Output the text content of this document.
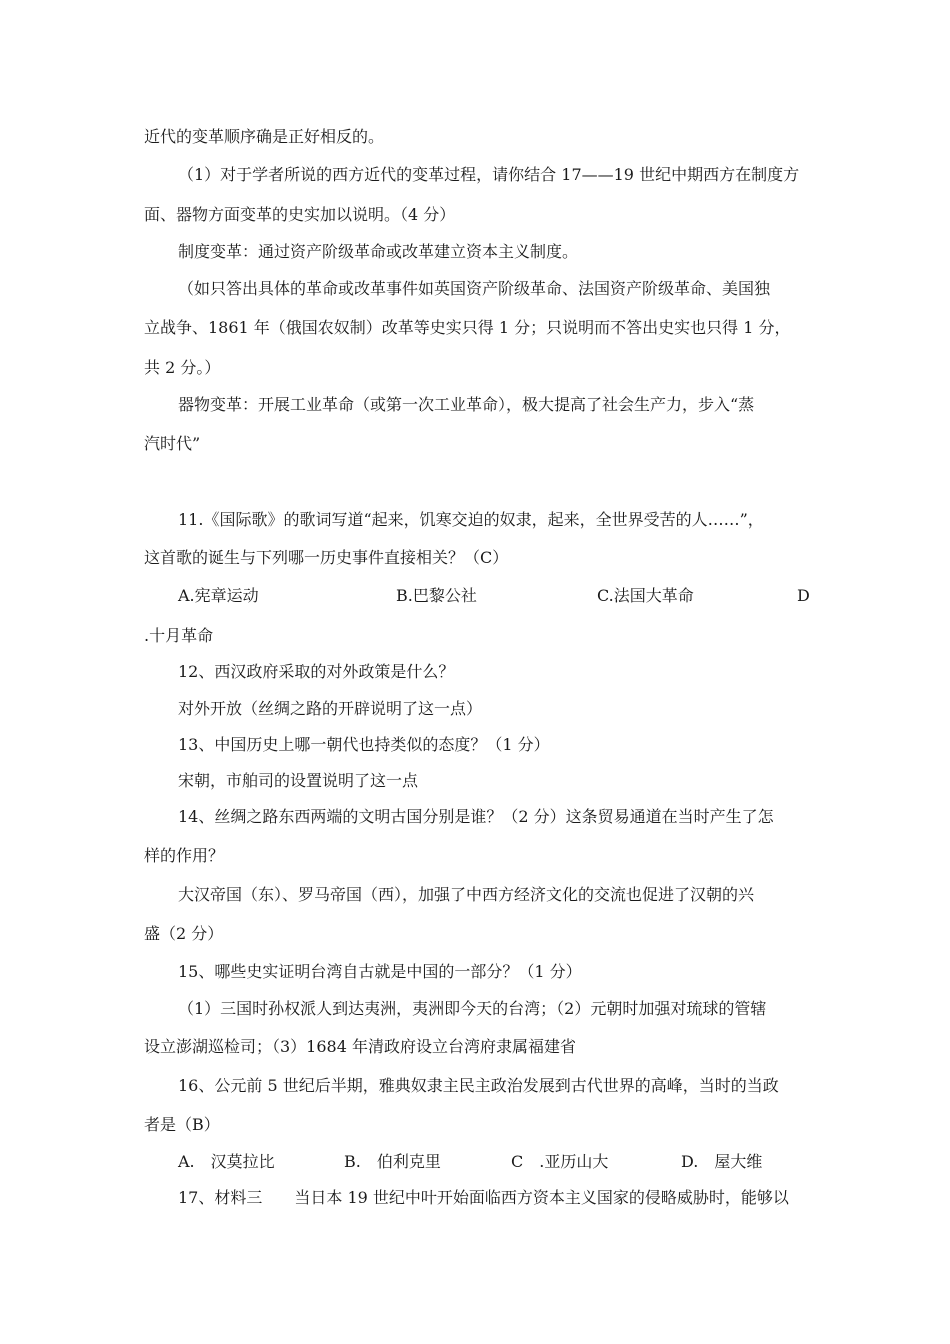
近代的变革顺序确是正好相反的。
（1）对于学者所说的西方近代的变革过程，请你结合 17——19 世纪中期西方在制度方
面、器物方面变革的史实加以说明。（4 分）
制度变革：通过资产阶级革命或改革建立资本主义制度。
（如只答出具体的革命或改革事件如英国资产阶级革命、法国资产阶级革命、美国独
立战争、1861 年（俄国农奴制）改革等史实只得 1 分；只说明而不答出史实也只得 1 分，
共 2 分。）
器物变革：开展工业革命（或第一次工业革命），极大提高了社会生产力，步入“蒸
汽时代”
11.《国际歌》的歌词写道“起来，饥寒交迫的奴隶，起来，全世界受苦的人……”，
这首歌的诞生与下列哪一历史事件直接相关？（C）
A.宪章运动	B.巴黎公社	C.法国大革命	D
.十月革命
12、西汉政府采取的对外政策是什么？
对外开放（丝绸之路的开辟说明了这一点）
13、中国历史上哪一朝代也持类似的态度？（1 分）
宋朝，市舶司的设置说明了这一点
14、丝绸之路东西两端的文明古国分别是谁？（2 分）这条贸易通道在当时产生了怎
样的作用？
大汉帝国（东）、罗马帝国（西），加强了中西方经济文化的交流也促进了汉朝的兴
盛（2 分）
15、哪些史实证明台湾自古就是中国的一部分？（1 分）
（1）三国时孙权派人到达夷洲，夷洲即今天的台湾；（2）元朝时加强对琉球的管辖
设立澎湖巡检司；（3）1684 年清政府设立台湾府隶属福建省
16、公元前 5 世纪后半期，雅典奴隶主民主政治发展到古代世界的高峰，当时的当政
者是（B）
A.　汉莫拉比	B.　伯利克里	C　.亚历山大	D.　屋大维
17、材料三　　当日本 19 世纪中叶开始面临西方资本主义国家的侵略威胁时，能够以
